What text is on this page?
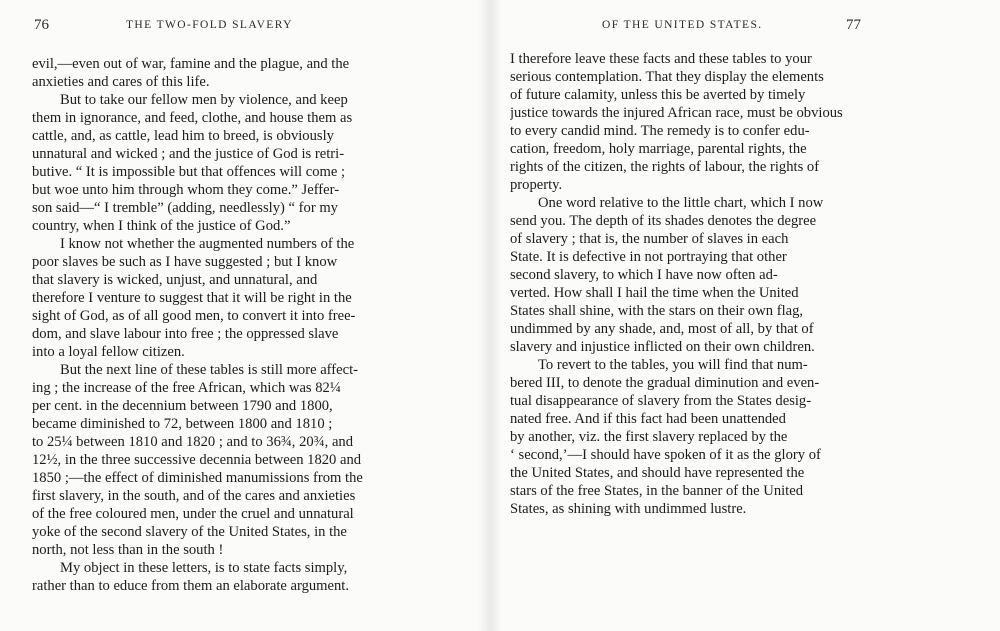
76	THE TWO-FOLD SLAVERY
evil,—even out of war, famine and the plague, and the
anxieties and cares of this life.
But to take our fellow men by violence, and keep
them in ignorance, and feed, clothe, and house them as
cattle, and, as cattle, lead him to breed, is obviously
unnatural and wicked ; and the justice of God is retri-
butive. “ It is impossible but that offences will come ;
but woe unto him through whom they come.” Jeffer-
son said—“ I tremble” (adding, needlessly) “ for my
country, when I think of the justice of God.”
I know not whether the augmented numbers of the
poor slaves be such as I have suggested ; but I know
that slavery is wicked, unjust, and unnatural, and
therefore I venture to suggest that it will be right in the
sight of God, as of all good men, to convert it into free-
dom, and slave labour into free ; the oppressed slave
into a loyal fellow citizen.
But the next line of these tables is still more affect-
ing ; the increase of the free African, which was 82¼
per cent. in the decennium between 1790 and 1800,
became diminished to 72, between 1800 and 1810 ;
to 25¼ between 1810 and 1820 ; and to 36¾, 20¾, and
12½, in the three successive decennia between 1820 and
1850 ;—the effect of diminished manumissions from the
first slavery, in the south, and of the cares and anxieties
of the free coloured men, under the cruel and unnatural
yoke of the second slavery of the United States, in the
north, not less than in the south !
My object in these letters, is to state facts simply,
rather than to educe from them an elaborate argument.
OF THE UNITED STATES.	77
I therefore leave these facts and these tables to your
serious contemplation. That they display the elements
of future calamity, unless this be averted by timely
justice towards the injured African race, must be obvious
to every candid mind. The remedy is to confer edu-
cation, freedom, holy marriage, parental rights, the
rights of the citizen, the rights of labour, the rights of
property.
One word relative to the little chart, which I now
send you. The depth of its shades denotes the degree
of slavery ; that is, the number of slaves in each
State. It is defective in not portraying that other
second slavery, to which I have now often ad-
verted. How shall I hail the time when the United
States shall shine, with the stars on their own flag,
undimmed by any shade, and, most of all, by that of
slavery and injustice inflicted on their own children.
To revert to the tables, you will find that num-
bered III, to denote the gradual diminution and even-
tual disappearance of slavery from the States desig-
nated free. And if this fact had been unattended
by another, viz. the first slavery replaced by the
‘ second,’—I should have spoken of it as the glory of
the United States, and should have represented the
stars of the free States, in the banner of the United
States, as shining with undimmed lustre.
